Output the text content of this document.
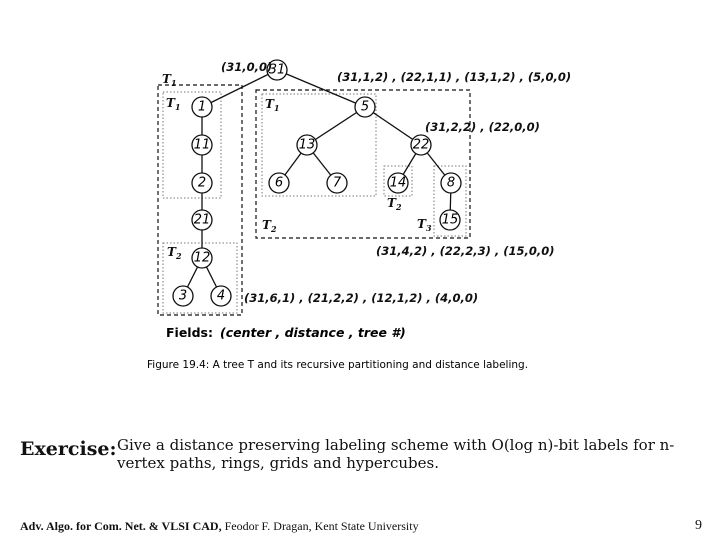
31
1
11
2
21
12
3 4
5
13	22
6	7	14	8
15
$T_1$
$T_1$	$T_1$
$T_2$
$T_2$
$T_2$
$T_3$
(31,0,0)
(31,1,2) , (22,1,1) , (13,1,2) , (5,0,0)
(31,2,2) , (22,0,0)
(31,4,2) , (22,2,3) , (15,0,0)
(31,6,1) , (21,2,2) , (12,1,2) , (4,0,0)
Fields: (center , distance , tree #)
Figure 19.4: A tree T and its recursive partitioning and distance labeling.
Exercise: Give a distance preserving labeling scheme with O(log n)-bit labels for n-vertex paths, rings, grids and hypercubes.
Adv. Algo. for Com. Net. & VLSI CAD, Feodor F. Dragan, Kent State University	9
